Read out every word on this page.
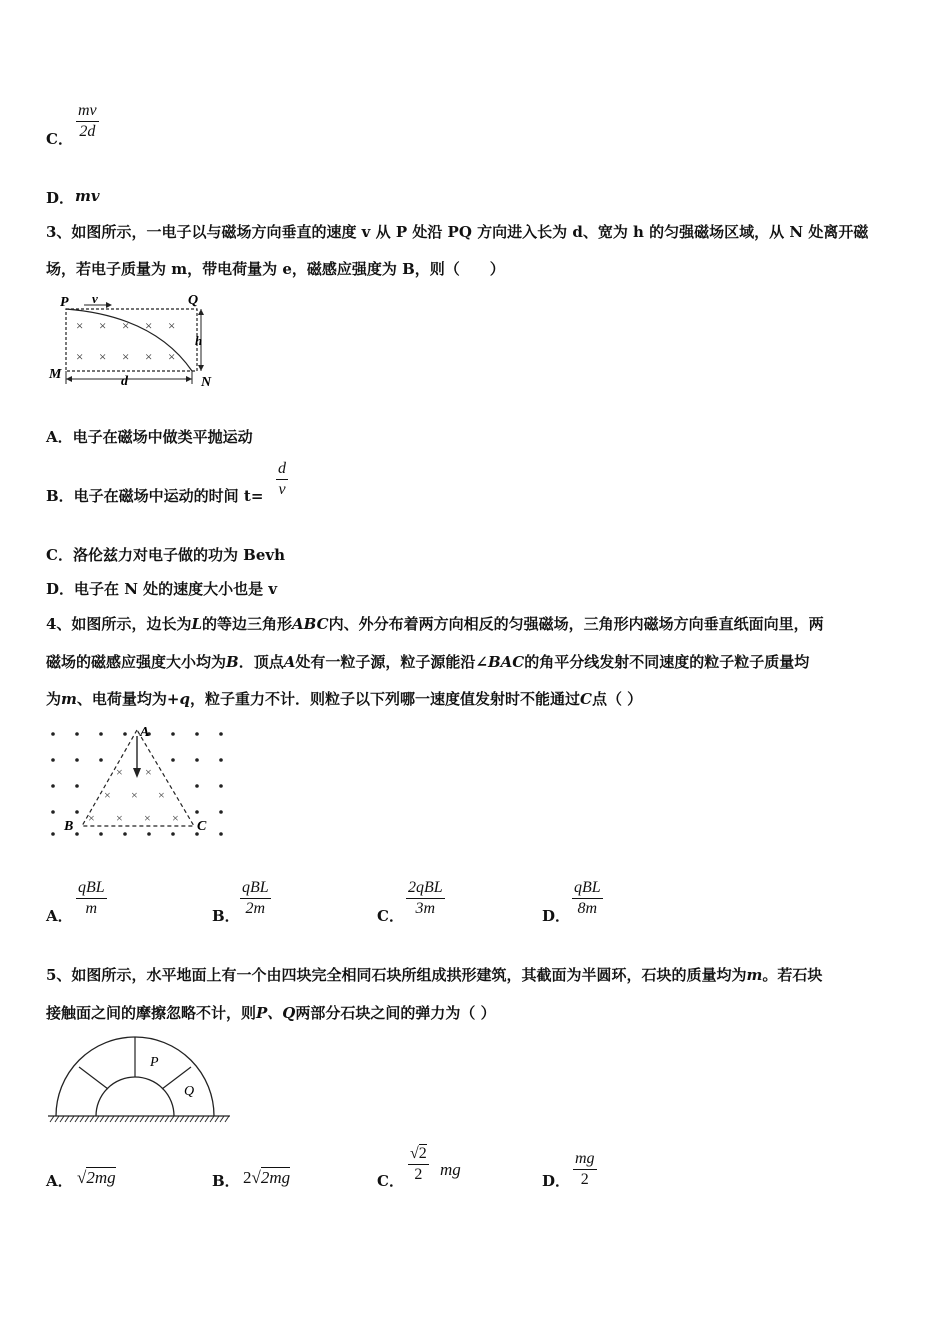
C．
mv
2d
D． mv
3、如图所示，一电子以与磁场方向垂直的速度 v 从 P 处沿 PQ 方向进入长为 d、宽为 h 的匀强磁场区域，从 N 处离开磁
场，若电子质量为 m，带电荷量为 e，磁感应强度为 B，则（　　）
P v	Q
× × × × ×
× × × × ×
h
M	d	N
A．电子在磁场中做类平抛运动
B．电子在磁场中运动的时间 t=
d
v
C．洛伦兹力对电子做的功为 Bevh
D．电子在 N 处的速度大小也是 v
4、如图所示，边长为L的等边三角形ABC内、外分布着两方向相反的匀强磁场，三角形内磁场方向垂直纸面向里，两
磁场的磁感应强度大小均为B．顶点A处有一粒子源，粒子源能沿∠BAC的角平分线发射不同速度的粒子粒子质量均
为m、电荷量均为+q，粒子重力不计．则粒子以下列哪一速度值发射时不能通过C点（ ）
× ×
× × ×
× × × ×
A
B	C
A．
qBL
m	B．
qBL
2m	C．
2qBL
3m	D．
qBL
8m
5、如图所示，水平地面上有一个由四块完全相同石块所组成拱形建筑，其截面为半圆环，石块的质量均为m。若石块
接触面之间的摩擦忽略不计，则P、Q两部分石块之间的弹力为（ ）
P
Q
A． √2mg	B． 2√2mg	C．
√2
2	mg
D．
mg
2
